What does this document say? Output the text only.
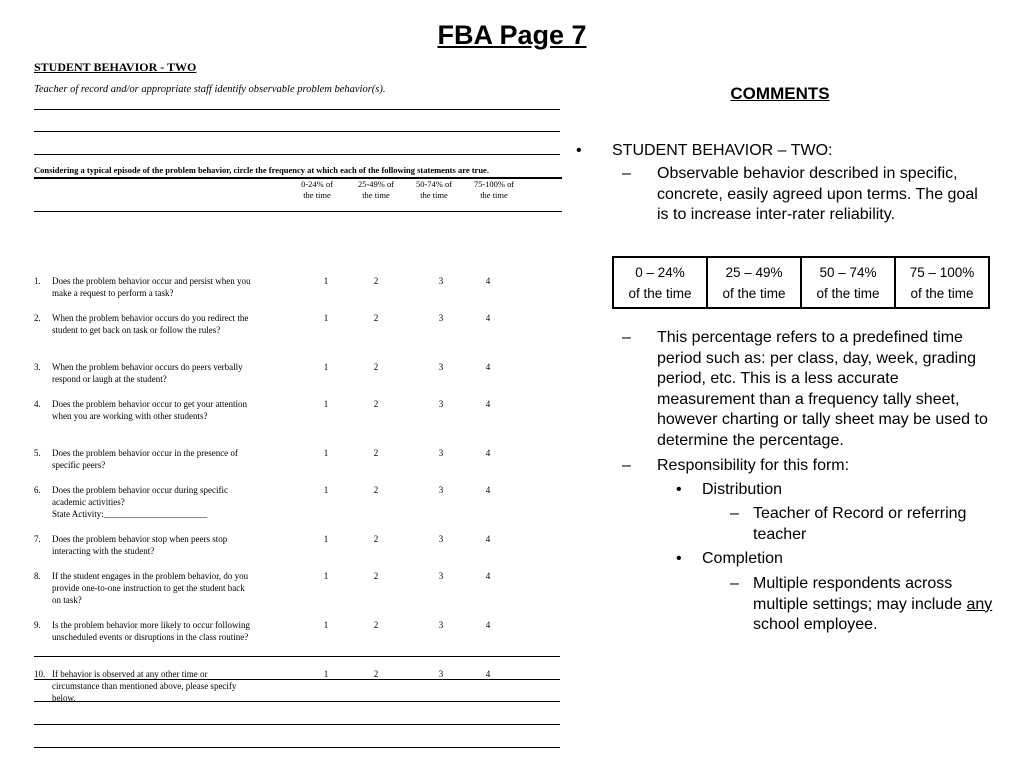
FBA Page 7
STUDENT BEHAVIOR - TWO
Teacher of record and/or appropriate staff identify observable problem behavior(s).
Considering a typical episode of the problem behavior, circle the frequency at which each of the following statements are true.
0-24% of
the time
25-49% of
the time
50-74% of
the time
75-100% of
the time
1. Does the problem behavior occur and persist when you make a request to perform a task?
1	2	3	4
2. When the problem behavior occurs do you redirect the student to get back on task or follow the rules?
1	2	3	4
3. When the problem behavior occurs do peers verbally respond or laugh at the student?
1	2	3	4
4. Does the problem behavior occur to get your attention when you are working with other students?
1	2	3	4
5. Does the problem behavior occur in the presence of specific peers?
1	2	3	4
6. Does the problem behavior occur during specific academic activities?
State Activity:_______________________
1	2	3	4
7. Does the problem behavior stop when peers stop interacting with the student?
1	2	3	4
8. If the student engages in the problem behavior, do you provide one-to-one instruction to get the student back on task?
1	2	3	4
9. Is the problem behavior more likely to occur following unscheduled events or disruptions in the class routine?
1	2	3	4
10. If behavior is observed at any other time or circumstance than mentioned above, please specify below.
1	2	3	4
COMMENTS
• STUDENT BEHAVIOR – TWO:
– Observable behavior described in specific, concrete, easily agreed upon terms. The goal is to increase inter-rater reliability.
0 – 24%
of the time

25 – 49%
of the time

50 – 74%
of the time

75 – 100%
of the time
– This percentage refers to a predefined time period such as: per class, day, week, grading period, etc. This is a less accurate measurement than a frequency tally sheet, however charting or tally sheet may be used to determine the percentage.
– Responsibility for this form:
• Distribution
– Teacher of Record or referring teacher
• Completion
– Multiple respondents across multiple settings; may include any school employee.
